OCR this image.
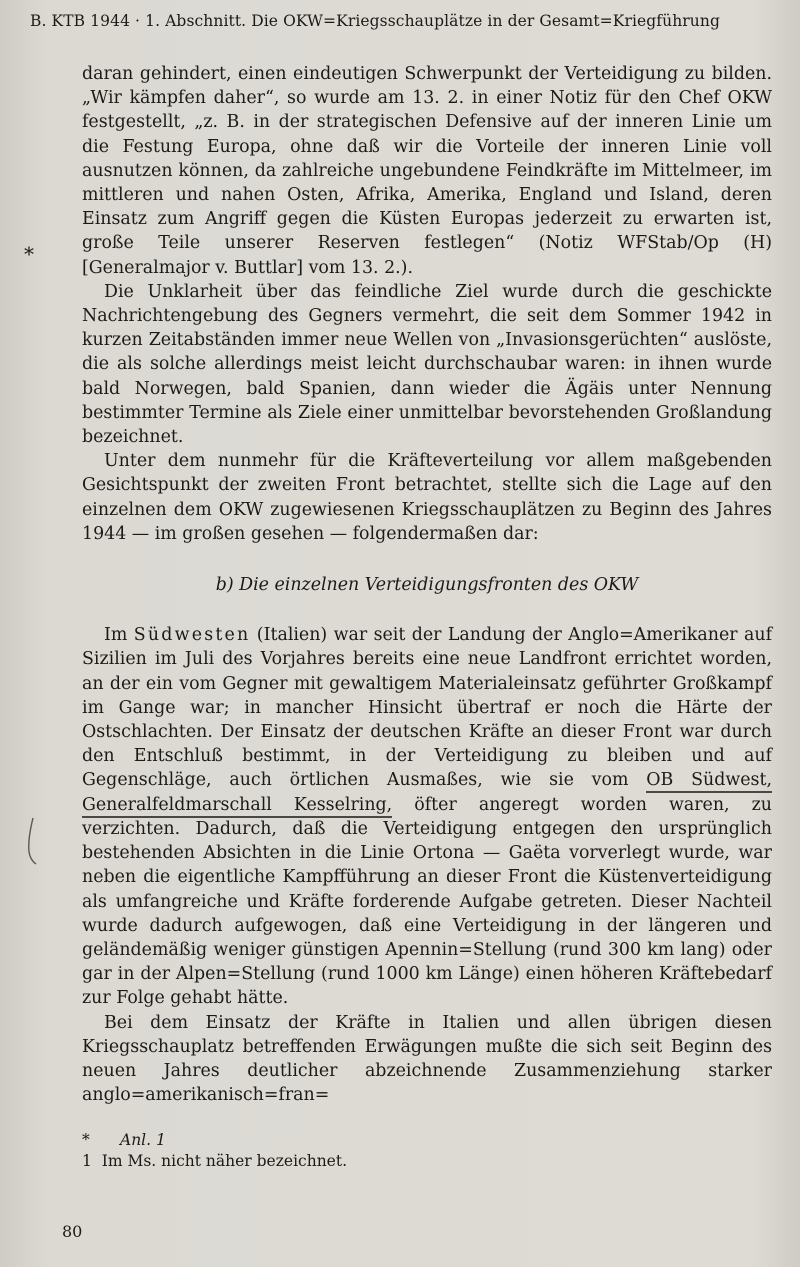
B. KTB 1944 · 1. Abschnitt. Die OKW=Kriegsschauplätze in der Gesamt=Kriegführung
*

daran gehindert, einen eindeutigen Schwerpunkt der Verteidigung zu bilden. „Wir kämpfen daher“, so wurde am 13. 2. in einer Notiz für den Chef OKW festgestellt, „z. B. in der strategischen Defensive auf der inneren Linie um die Festung Europa, ohne daß wir die Vorteile der inneren Linie voll ausnutzen können, da zahlreiche ungebundene Feindkräfte im Mittelmeer, im mittleren und nahen Osten, Afrika, Amerika, England und Island, deren Einsatz zum Angriff gegen die Küsten Europas jederzeit zu erwarten ist, große Teile unserer Reserven festlegen“ (Notiz WFStab/Op (H) [Generalmajor v. Buttlar] vom 13. 2.).

Die Unklarheit über das feindliche Ziel wurde durch die geschickte Nachrichtengebung des Gegners vermehrt, die seit dem Sommer 1942 in kurzen Zeitabständen immer neue Wellen von „Invasionsgerüchten“ auslöste, die als solche allerdings meist leicht durchschaubar waren: in ihnen wurde bald Norwegen, bald Spanien, dann wieder die Ägäis unter Nennung bestimmter Termine als Ziele einer unmittelbar bevorstehenden Großlandung bezeichnet.

Unter dem nunmehr für die Kräfteverteilung vor allem maßgebenden Gesichtspunkt der zweiten Front betrachtet, stellte sich die Lage auf den einzelnen dem OKW zugewiesenen Kriegsschauplätzen zu Beginn des Jahres 1944 — im großen gesehen — folgendermaßen dar:

b) Die einzelnen Verteidigungsfronten des OKW

Im Südwesten (Italien) war seit der Landung der Anglo=Amerikaner auf Sizilien im Juli des Vorjahres bereits eine neue Landfront errichtet worden, an der ein vom Gegner mit gewaltigem Materialeinsatz geführter Großkampf im Gange war; in mancher Hinsicht übertraf er noch die Härte der Ostschlachten. Der Einsatz der deutschen Kräfte an dieser Front war durch den Entschluß bestimmt, in der Verteidigung zu bleiben und auf Gegenschläge, auch örtlichen Ausmaßes, wie sie vom OB Südwest, Generalfeldmarschall Kesselring, öfter angeregt worden waren, zu verzichten. Dadurch, daß die Verteidigung entgegen den ursprünglich bestehenden Absichten in die Linie Ortona — Gaëta vorverlegt wurde, war neben die eigentliche Kampfführung an dieser Front die Küstenverteidigung als umfangreiche und Kräfte forderende Aufgabe getreten. Dieser Nachteil wurde dadurch aufgewogen, daß eine Verteidigung in der längeren und geländemäßig weniger günstigen Apennin=Stellung (rund 300 km lang) oder gar in der Alpen=Stellung (rund 1000 km Länge) einen höheren Kräftebedarf zur Folge gehabt hätte.

Bei dem Einsatz der Kräfte in Italien und allen übrigen diesen Kriegsschauplatz betreffenden Erwägungen mußte die sich seit Beginn des neuen Jahres deutlicher abzeichnende Zusammenziehung starker anglo=amerikanisch=fran=

* Anl. 1

1 Im Ms. nicht näher bezeichnet.

80
